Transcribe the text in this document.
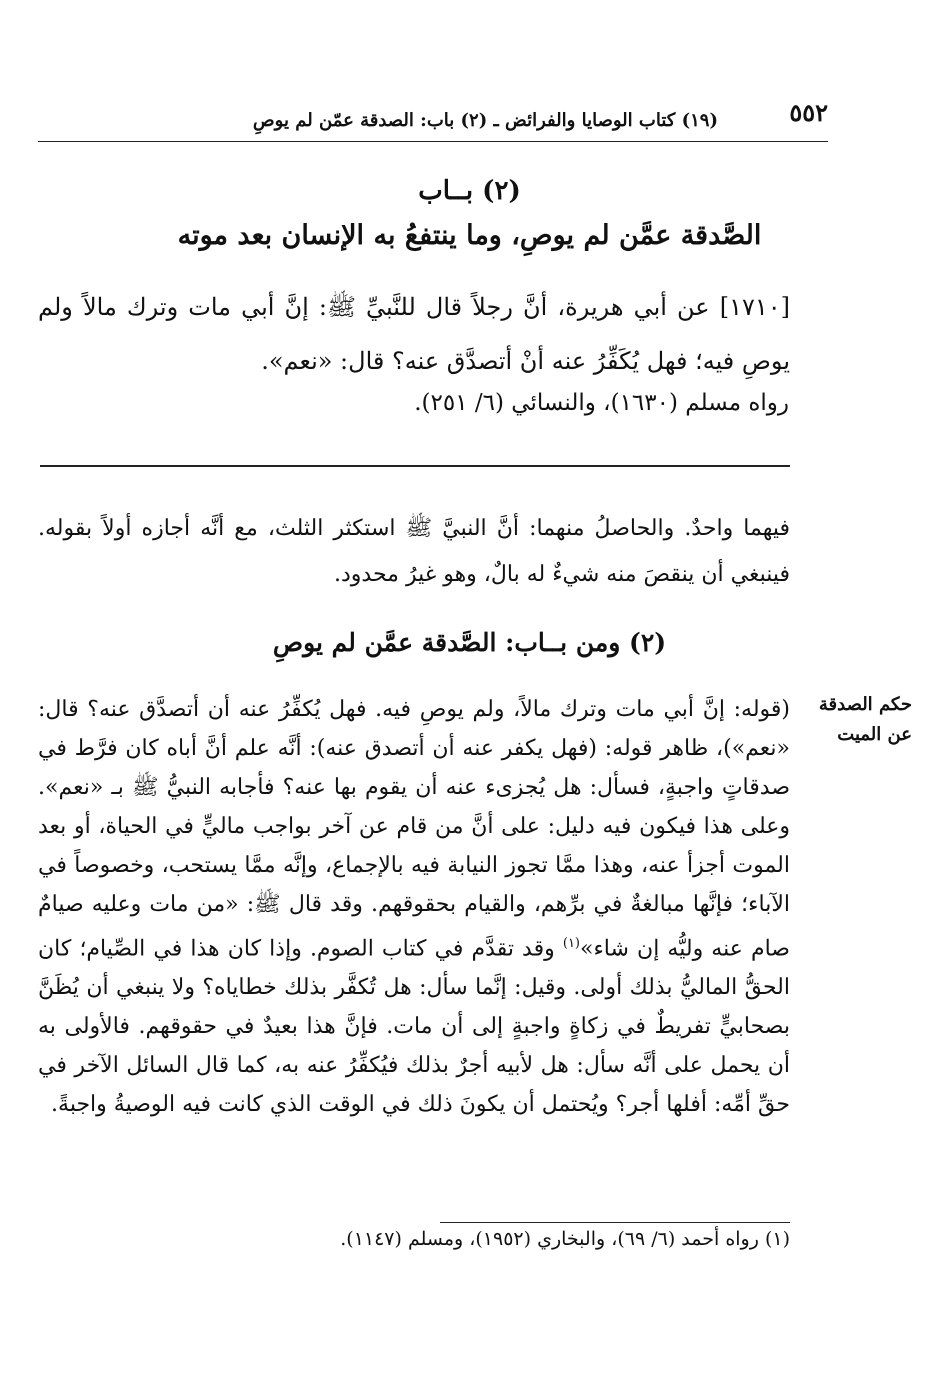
٥٥٢
(١٩) كتاب الوصايا والفرائض ـ (٢) باب: الصدقة عمّن لم يوصِ
(٢) بــاب
الصَّدقة عمَّن لم يوصِ، وما ينتفعُ به الإنسان بعد موته
[١٧١٠] عن أبي هريرة، أنَّ رجلاً قال للنَّبيِّ ﷺ: إنَّ أبي مات وترك مالاً ولم يوصِ فيه؛ فهل يُكَفِّرُ عنه أنْ أتصدَّق عنه؟ قال: «نعم».
رواه مسلم (١٦٣٠)، والنسائي (٦/ ٢٥١).
فيهما واحدٌ. والحاصلُ منهما: أنَّ النبيَّ ﷺ استكثر الثلث، مع أنَّه أجازه أولاً بقوله. فينبغي أن ينقصَ منه شيءٌ له بالٌ، وهو غيرُ محدود.
(٢) ومن بــاب: الصَّدقة عمَّن لم يوصِ
حكم الصدقة
عن الميت
(قوله: إنَّ أبي مات وترك مالاً، ولم يوصِ فيه. فهل يُكفِّرُ عنه أن أتصدَّق عنه؟ قال: «نعم»)، ظاهر قوله: (فهل يكفر عنه أن أتصدق عنه): أنَّه علم أنَّ أباه كان فرَّط في صدقاتٍ واجبةٍ، فسأل: هل يُجزىء عنه أن يقوم بها عنه؟ فأجابه النبيُّ ﷺ بـ «نعم». وعلى هذا فيكون فيه دليل: على أنَّ من قام عن آخر بواجب ماليٍّ في الحياة، أو بعد الموت أجزأ عنه، وهذا ممَّا تجوز النيابة فيه بالإجماع، وإنَّه ممَّا يستحب، وخصوصاً في الآباء؛ فإنَّها مبالغةٌ في برِّهم، والقيام بحقوقهم. وقد قال ﷺ: «من مات وعليه صيامٌ صام عنه وليُّه إن شاء»$^{(١)}$ وقد تقدَّم في كتاب الصوم. وإذا كان هذا في الصِّيام؛ كان الحقُّ الماليُّ بذلك أولى. وقيل: إنَّما سأل: هل تُكفَّر بذلك خطاياه؟ ولا ينبغي أن يُظَنَّ بصحابيٍّ تفريطٌ في زكاةٍ واجبةٍ إلى أن مات. فإنَّ هذا بعيدٌ في حقوقهم. فالأولى به أن يحمل على أنَّه سأل: هل لأبيه أجرٌ بذلك فيُكفِّرُ عنه به، كما قال السائل الآخر في حقِّ أمِّه: أفلها أجر؟ ويُحتمل أن يكونَ ذلك في الوقت الذي كانت فيه الوصيةُ واجبةً.
(١) رواه أحمد (٦/ ٦٩)، والبخاري (١٩٥٢)، ومسلم (١١٤٧).
